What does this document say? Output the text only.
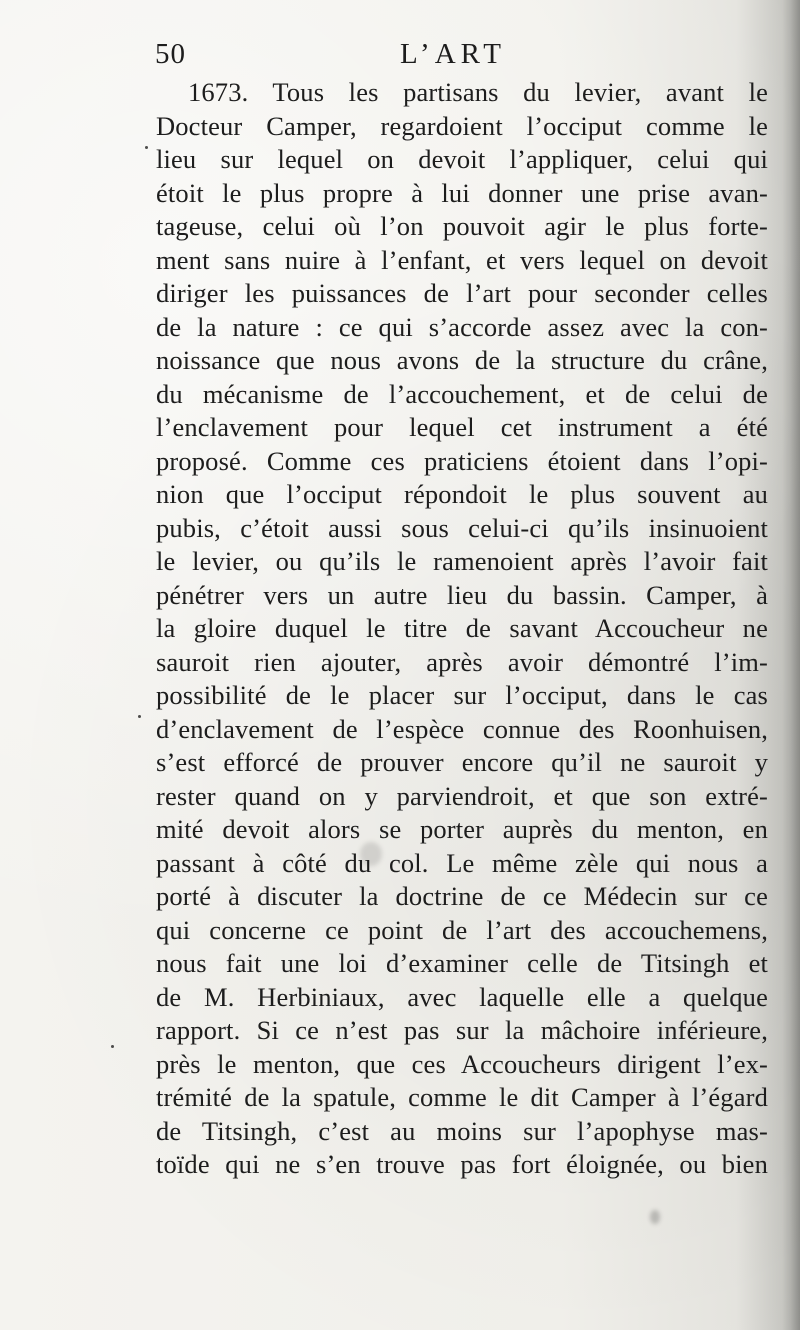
50	L’ART
1673. Tous les partisans du levier, avant le
Docteur Camper, regardoient l’occiput comme le
lieu sur lequel on devoit l’appliquer, celui qui
étoit le plus propre à lui donner une prise avan-
tageuse, celui où l’on pouvoit agir le plus forte-
ment sans nuire à l’enfant, et vers lequel on devoit
diriger les puissances de l’art pour seconder celles
de la nature : ce qui s’accorde assez avec la con-
noissance que nous avons de la structure du crâne,
du mécanisme de l’accouchement, et de celui de
l’enclavement pour lequel cet instrument a été
proposé. Comme ces praticiens étoient dans l’opi-
nion que l’occiput répondoit le plus souvent au
pubis, c’étoit aussi sous celui-ci qu’ils insinuoient
le levier, ou qu’ils le ramenoient après l’avoir fait
pénétrer vers un autre lieu du bassin. Camper, à
la gloire duquel le titre de savant Accoucheur ne
sauroit rien ajouter, après avoir démontré l’im-
possibilité de le placer sur l’occiput, dans le cas
d’enclavement de l’espèce connue des Roonhuisen,
s’est efforcé de prouver encore qu’il ne sauroit y
rester quand on y parviendroit, et que son extré-
mité devoit alors se porter auprès du menton, en
passant à côté du col. Le même zèle qui nous a
porté à discuter la doctrine de ce Médecin sur ce
qui concerne ce point de l’art des accouchemens,
nous fait une loi d’examiner celle de Titsingh et
de M. Herbiniaux, avec laquelle elle a quelque
rapport. Si ce n’est pas sur la mâchoire inférieure,
près le menton, que ces Accoucheurs dirigent l’ex-
trémité de la spatule, comme le dit Camper à l’égard
de Titsingh, c’est au moins sur l’apophyse mas-
toïde qui ne s’en trouve pas fort éloignée, ou bien
